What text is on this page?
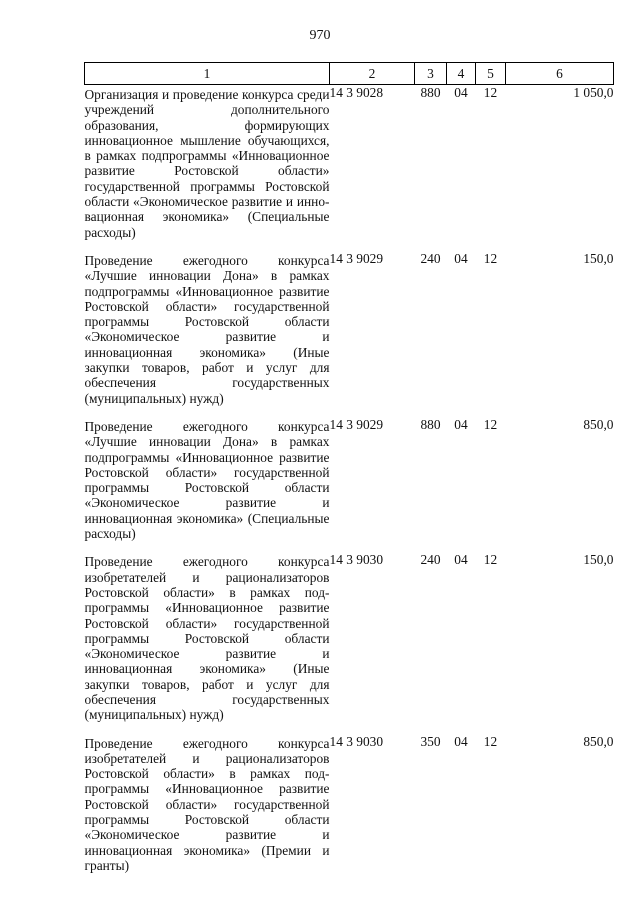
970
1	2	3	4	5	6

Организация и проведение конкурса среди учреждений дополнительного образования, формирующих инновационное мышление обучающихся, в рамках подпрограммы «Инновационное развитие Ростовской области» государственной программы Ростовской области «Экономическое развитие и инновационная экономика» (Специальные расходы)	14 3 9028	880	04	12	1 050,0

Проведение ежегодного конкурса «Лучшие инновации Дона» в рамках подпрограммы «Инновационное развитие Ростовской области» государственной программы Ростовской области «Экономическое развитие и инновационная экономика» (Иные закупки товаров, работ и услуг для обеспечения государственных (муниципальных) нужд)	14 3 9029	240	04	12	150,0

Проведение ежегодного конкурса «Лучшие инновации Дона» в рамках подпрограммы «Инновационное развитие Ростовской области» государственной программы Ростовской области «Экономическое развитие и инновационная экономика» (Специальные расходы)	14 3 9029	880	04	12	850,0

Проведение ежегодного конкурса изобретателей и рационализаторов Ростовской области» в рамках подпрограммы «Инновационное развитие Ростовской области» государственной программы Ростовской области «Экономическое развитие и инновационная экономика» (Иные закупки товаров, работ и услуг для обеспечения государственных (муниципальных) нужд)	14 3 9030	240	04	12	150,0

Проведение ежегодного конкурса изобретателей и рационализаторов Ростовской области» в рамках подпрограммы «Инновационное развитие Ростовской области» государственной программы Ростовской области «Экономическое развитие и инновационная экономика» (Премии и гранты)	14 3 9030	350	04	12	850,0
